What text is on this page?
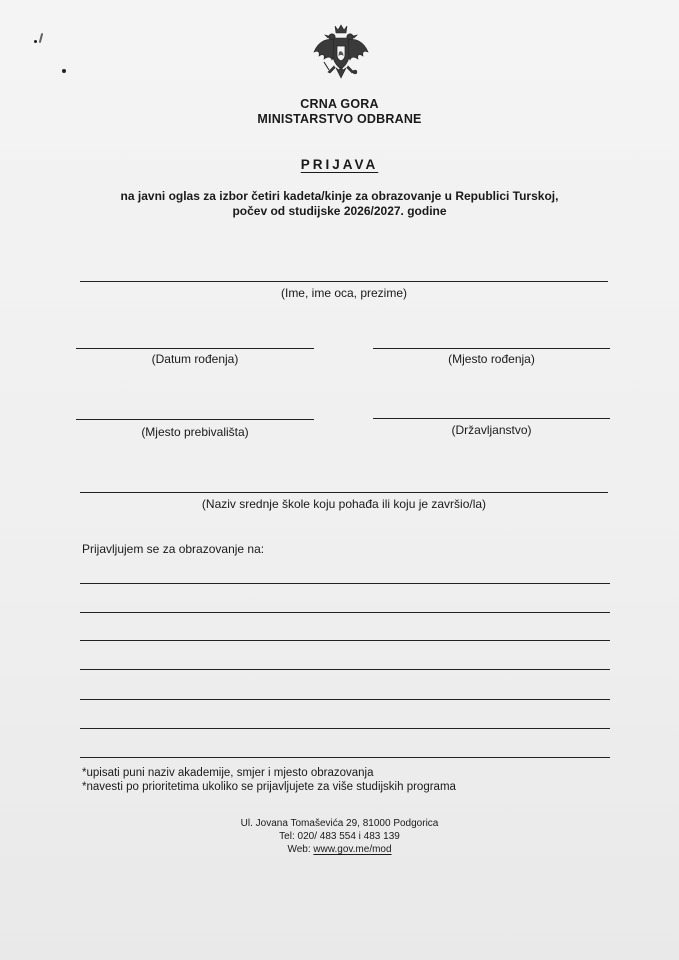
CRNA GORA
MINISTARSTVO ODBRANE
PRIJAVA
na javni oglas za izbor četiri kadeta/kinje za obrazovanje u Republici Turskoj,
počev od studijske 2026/2027. godine
(Ime, ime oca, prezime)
(Datum rođenja)	(Mjesto rođenja)
(Mjesto prebivališta)	(Državljanstvo)
(Naziv srednje škole koju pohađa ili koju je završio/la)
Prijavljujem se za obrazovanje na:
*upisati puni naziv akademije, smjer i mjesto obrazovanja
*navesti po prioritetima ukoliko se prijavljujete za više studijskih programa
Ul. Jovana Tomaševića 29, 81000 Podgorica
Tel: 020/ 483 554 i 483 139
Web: www.gov.me/mod
